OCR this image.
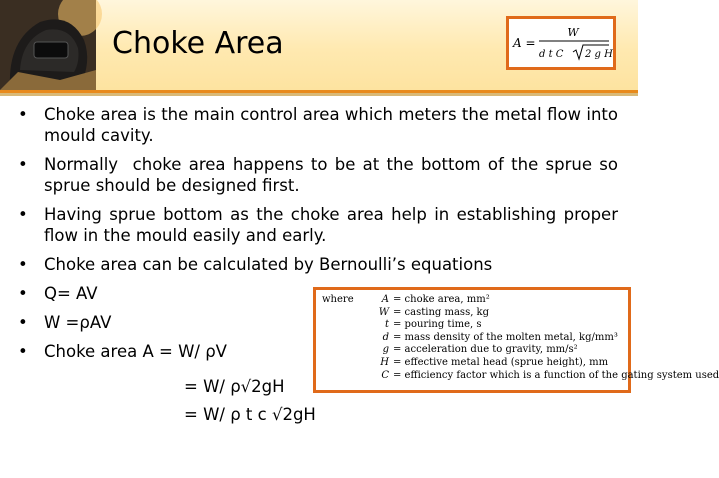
Choke Area	A =
W
d t C 2 g H
• Choke area is the main control area which meters the metal flow into mould cavity.
• Normally  choke area happens to be at the bottom of the sprue so sprue should be designed first.
• Having sprue bottom as the choke area help in establishing proper flow in the mould easily and early.
• Choke area can be calculated by Bernoulli’s equations
• Q= AV
• W =ρAV
• Choke area A = W/ ρV
= W/ ρ√2gH
= W/ ρ t c √2gH
where	A = choke area, mm²
W = casting mass, kg
t = pouring time, s
d = mass density of the molten metal, kg/mm³
g = acceleration due to gravity, mm/s²
H = effective metal head (sprue height), mm
C = efficiency factor which is a function of the gating system used
